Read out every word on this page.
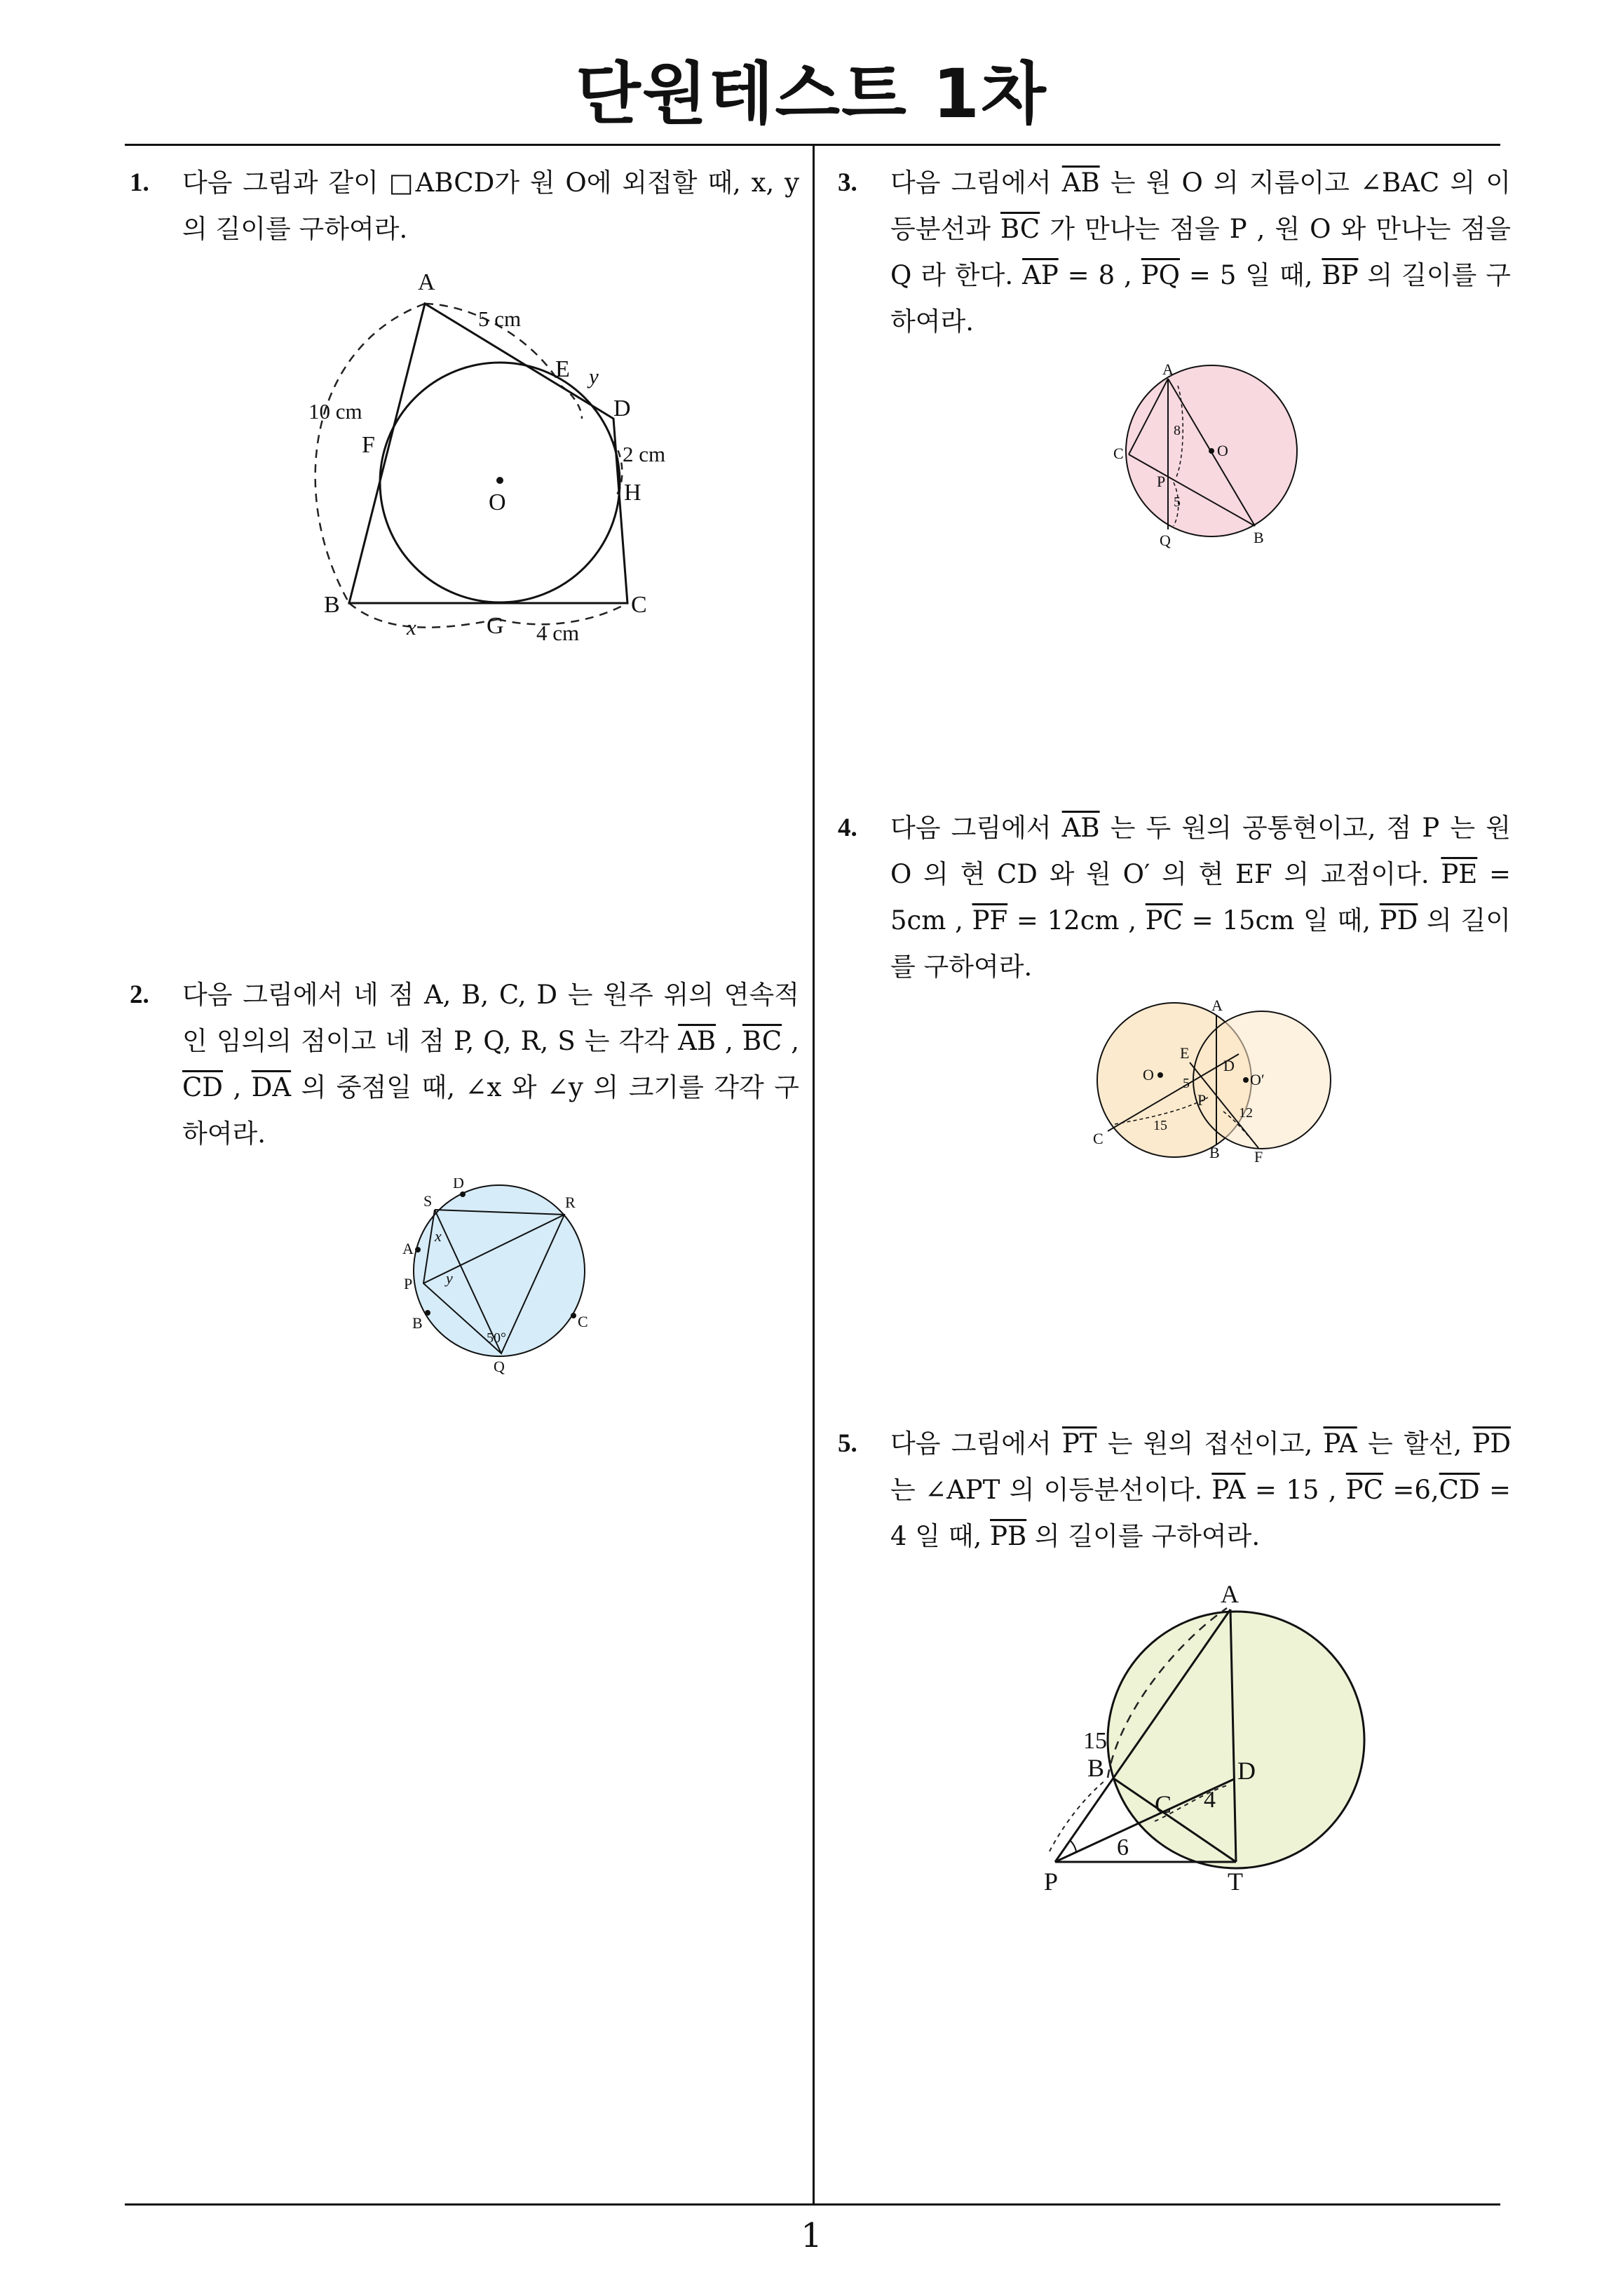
단원테스트 1차
1. 다음 그림과 같이 □ABCD가 원 O에 외접할 때, x, y 의 길이를 구하여라.
A
B	C
D
E
F
G
H
O
5 cm
10 cm
2 cm
4 cm
x
y
2. 다음 그림에서 네 점 A, B, C, D 는 원주 위의 연속적인 임의의 점이고 네 점 P, Q, R, S 는 각각 $\overline{AB}$ , $\overline{BC}$ , $\overline{CD}$ , $\overline{DA}$ 의 중점일 때, ∠x 와 ∠y 의 크기를 각각 구하여라.
D
S	R
A
P
B	C
Q
x
y
50°
3. 다음 그림에서 $\overline{AB}$ 는 원 O 의 지름이고 ∠BAC 의 이등분선과 $\overline{BC}$ 가 만나는 점을 P , 원 O 와 만나는 점을 Q 라 한다. $\overline{AP} = 8$ , $\overline{PQ} = 5$ 일 때, $\overline{BP}$ 의 길이를 구하여라.
A
C	O
P
Q	B
8
5
4. 다음 그림에서 $\overline{AB}$ 는 두 원의 공통현이고, 점 P 는 원 O 의 현 CD 와 원 O′ 의 현 EF 의 교점이다. $\overline{PE} = 5cm$ , $\overline{PF} = 12cm$ , $\overline{PC} = 15cm$ 일 때, $\overline{PD}$ 의 길이를 구하여라.
A
E
D
O	O′
P
C
B F
5
15
12
5. 다음 그림에서 $\overline{PT}$ 는 원의 접선이고, $\overline{PA}$ 는 할선, $\overline{PD}$ 는 ∠APT 의 이등분선이다. $\overline{PA} = 15$ , $\overline{PC} =6,\overline{CD} = 4$ 일 때, $\overline{PB}$ 의 길이를 구하여라.
A
B
C
D
P	T
15
6
4
1
